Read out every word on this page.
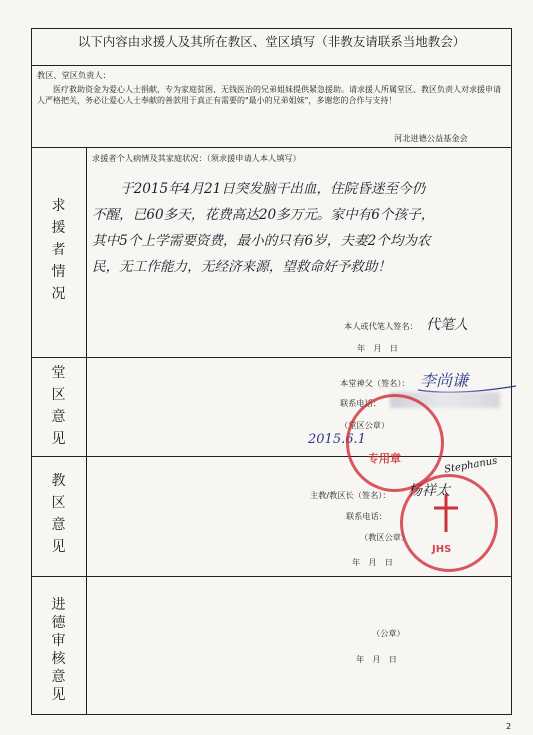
以下内容由求援人及其所在教区、堂区填写（非教友请联系当地教会）
教区、堂区负责人：
医疗救助资金为爱心人士捐献，专为家庭贫困、无钱医治的兄弟姐妹提供紧急援助。请求援人所属堂区、教区负责人对求援申请人严格把关，务必让爱心人士奉献的善款用于真正有需要的"最小的兄弟姐妹"，多谢您的合作与支持！
河北进德公益基金会
求
援
者
情
况
求援者个人病情及其家庭状况：（须求援申请人本人填写）
于2015年4月21日突发脑干出血，住院昏迷至今仍
不醒，已60多天，花费高达20多万元。家中有6个孩子，
其中5个上学需要资费，最小的只有6岁，夫妻2个均为农
民，无工作能力，无经济来源，望救命好予救助！
本人或代笔人签名： 代笔人
年　月　日
堂
区
意
见
本堂神父（签名）： 李尚谦
联系电话：
（堂区公章）
2015.6.1
专用章
教
区
意
见
主教/教区长（签名）： 杨祥太
Stephanus
联系电话：
（教区公章）
年　月　日
JHS
进
德
审
核
意
见
（公章）
年　月　日
2
